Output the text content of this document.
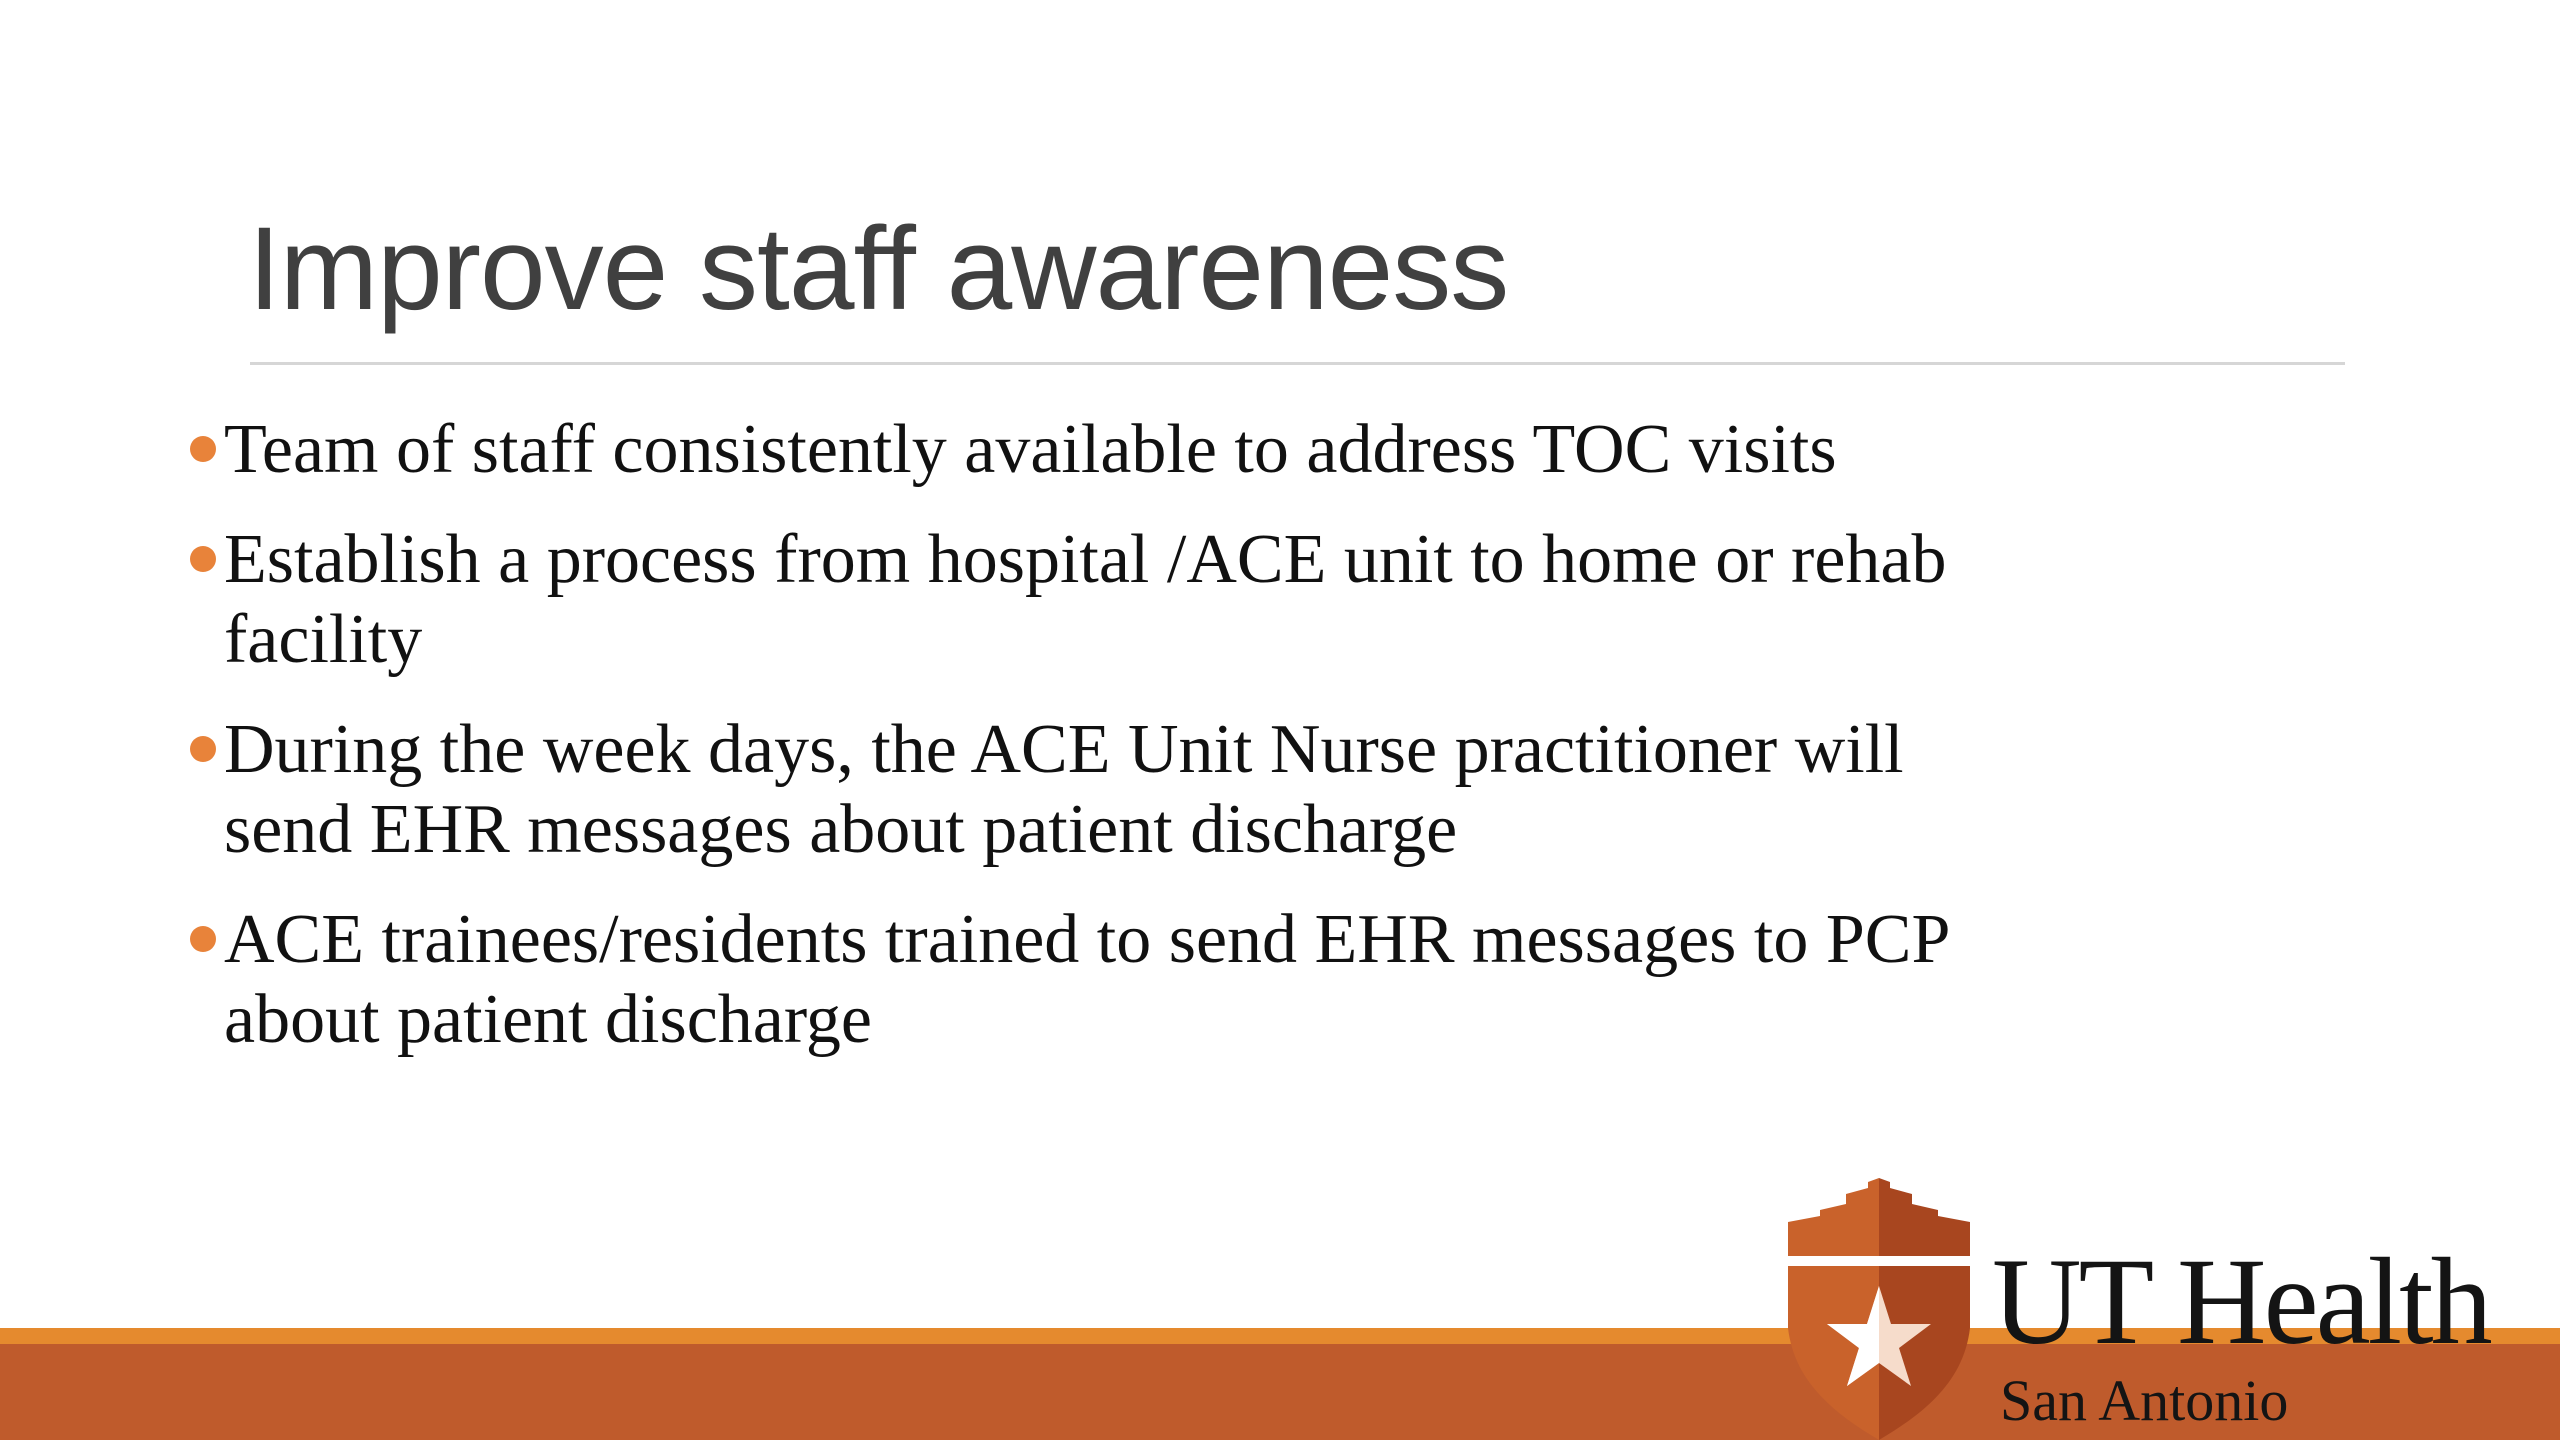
Improve staff awareness
Team of staff consistently available to address TOC visits
Establish a process from hospital /ACE unit to home or rehab facility
During the week days, the ACE Unit Nurse practitioner will send EHR messages about patient discharge
ACE trainees/residents trained to send EHR messages to PCP about patient discharge
UT Health
San Antonio
